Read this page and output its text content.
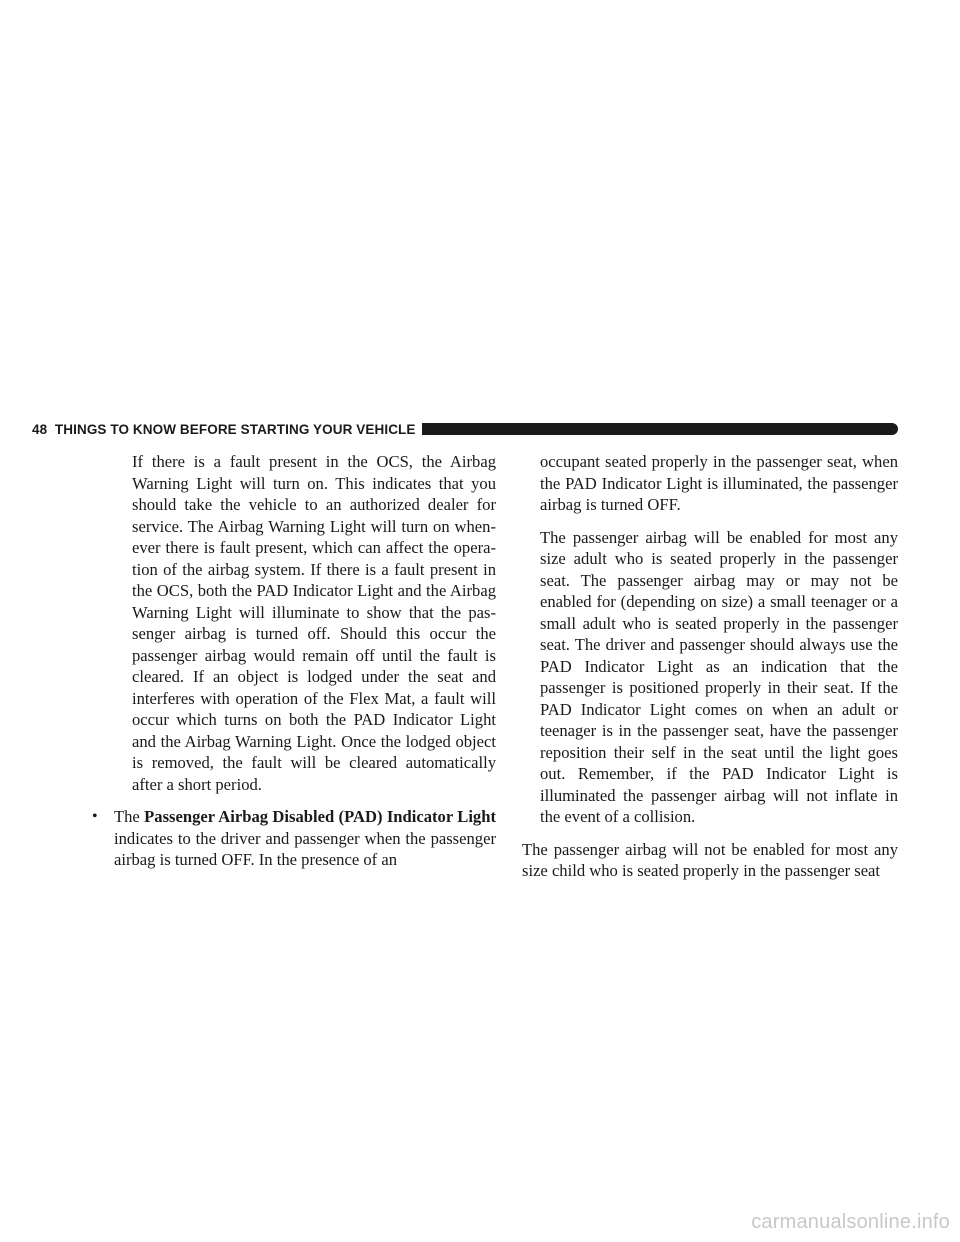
48 THINGS TO KNOW BEFORE STARTING YOUR VEHICLE

If there is a fault present in the OCS, the Airbag Warning Light will turn on. This indicates that you should take the vehicle to an authorized dealer for service. The Airbag Warning Light will turn on when-ever there is fault present, which can affect the opera-tion of the airbag system. If there is a fault present in the OCS, both the PAD Indicator Light and the Airbag Warning Light will illuminate to show that the pas-senger airbag is turned off. Should this occur the passenger airbag would remain off until the fault is cleared. If an object is lodged under the seat and interferes with operation of the Flex Mat, a fault will occur which turns on both the PAD Indicator Light and the Airbag Warning Light. Once the lodged object is removed, the fault will be cleared automatically after a short period.

• The Passenger Airbag Disabled (PAD) Indicator Light indicates to the driver and passenger when the passenger airbag is turned OFF. In the presence of an

occupant seated properly in the passenger seat, when the PAD Indicator Light is illuminated, the passenger airbag is turned OFF.

The passenger airbag will be enabled for most any size adult who is seated properly in the passenger seat. The passenger airbag may or may not be enabled for (depending on size) a small teenager or a small adult who is seated properly in the passenger seat. The driver and passenger should always use the PAD Indicator Light as an indication that the passenger is positioned properly in their seat. If the PAD Indicator Light comes on when an adult or teenager is in the passenger seat, have the passenger reposition their self in the seat until the light goes out. Remember, if the PAD Indicator Light is illuminated the passenger airbag will not inflate in the event of a collision.

The passenger airbag will not be enabled for most any size child who is seated properly in the passenger seat

carmanualsonline.info
